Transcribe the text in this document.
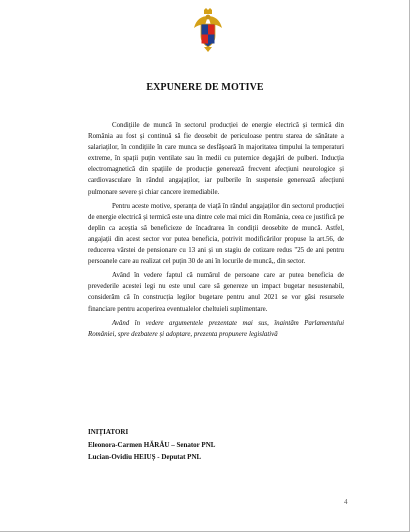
EXPUNERE DE MOTIVE

Condițiile de muncă în sectorul producției de energie electrică și termică din România au fost și continuă să fie deosebit de periculoase pentru starea de sănătate a salariaților, în condițiile în care munca se desfășoară în majoritatea timpului la temperaturi extreme, în spații puțin ventilate sau în medii cu puternice degajări de pulberi. Inducția electromagnetică din spațiile de producție generează frecvent afecțiuni neurologice și cardiovasculare în rândul angajaților, iar pulberile în suspensie generează afecțiuni pulmonare severe și chiar cancere iremediabile.

Pentru aceste motive, speranța de viață în rândul angajaților din sectorul producției de energie electrică și termică este una dintre cele mai mici din România, ceea ce justifică pe deplin ca aceștia să beneficieze de încadrarea în condiții deosebite de muncă. Astfel, angajații din acest sector vor putea beneficia, potrivit modificărilor propuse la art.56, de reducerea vârstei de pensionare cu 13 ani și un stagiu de cotizare redus "25 de ani pentru persoanele care au realizat cel puțin 30 de ani în locurile de muncă,, din sector.

Având în vedere faptul că numărul de persoane care ar putea beneficia de prevederile acestei legi nu este unul care să genereze un impact bugetar nesustenabil, considerăm că în construcția legilor bugetare pentru anul 2021 se vor găsi resursele financiare pentru acoperirea eventualelor cheltuieli suplimentare.

Având în vedere argumentele prezentate mai sus, înaintăm Parlamentului României, spre dezbatere și adoptare, prezenta propunere legislativă

INIȚIATORI
Eleonora-Carmen HĂRĂU – Senator PNL
Lucian-Ovidiu HEIUȘ - Deputat PNL
4
